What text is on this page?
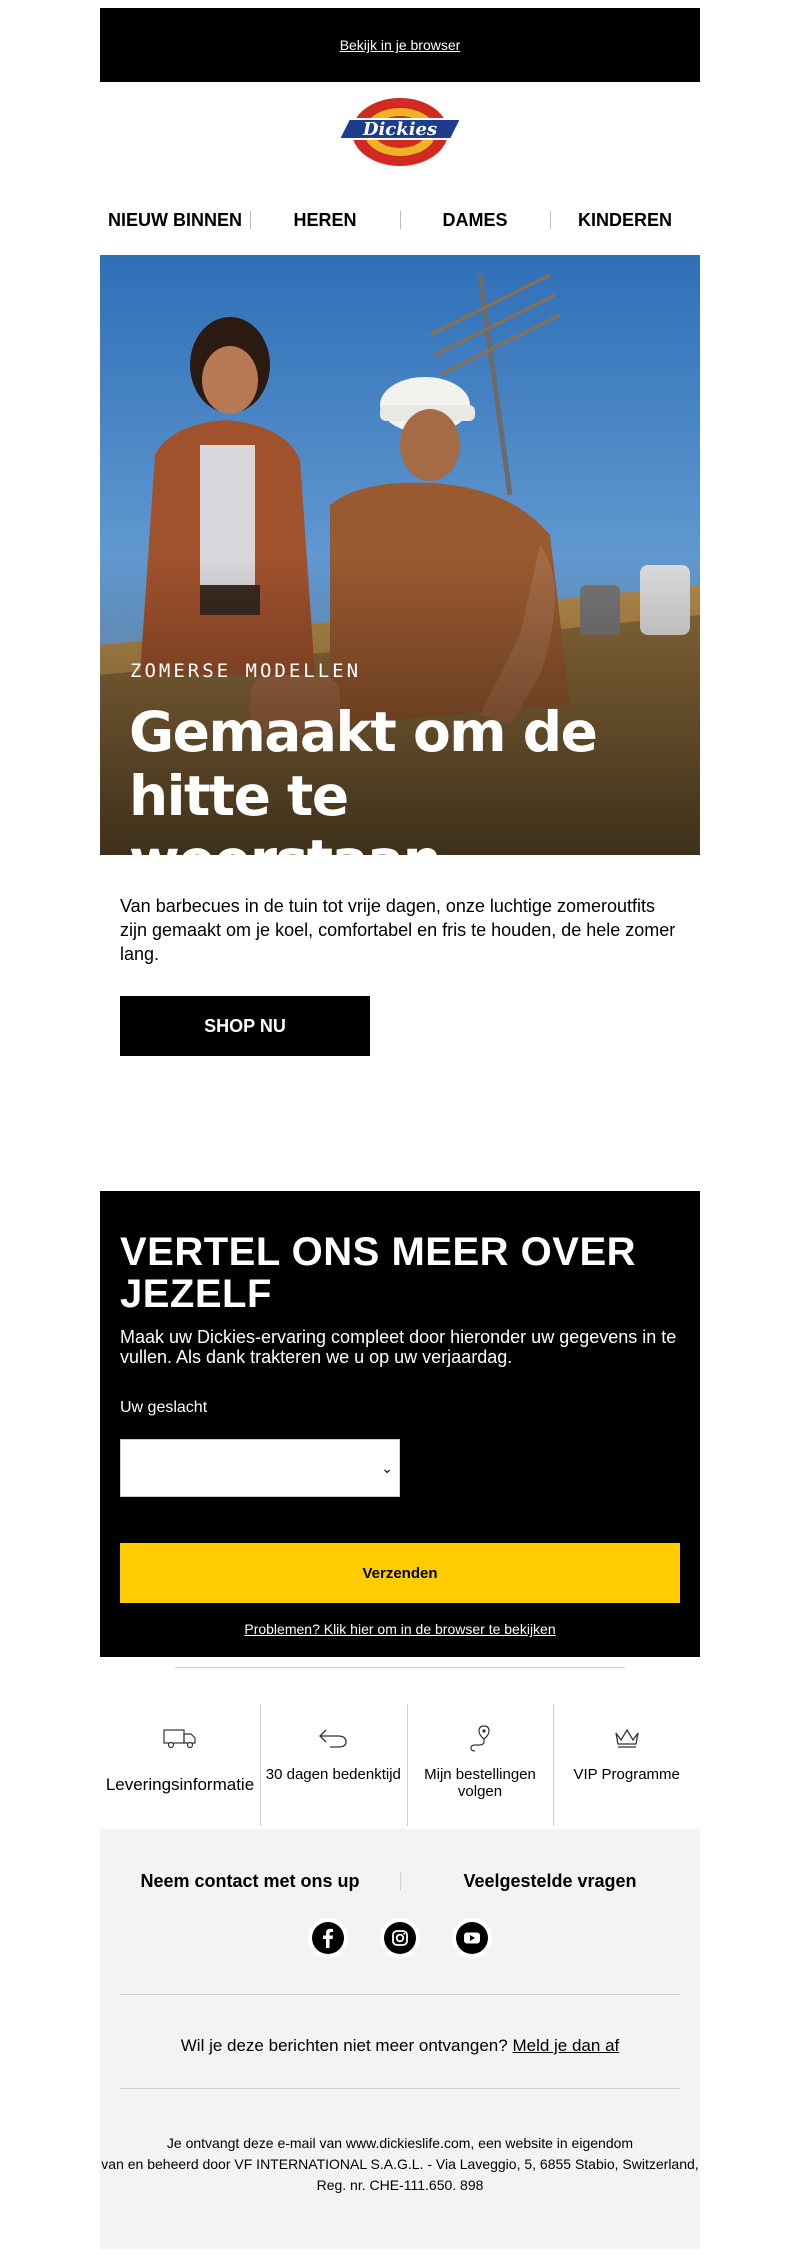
Bekijk in je browser
Dickies
NIEUW BINNEN	HEREN	DAMES	KINDEREN
ZOMERSE MODELLEN
Gemaakt om de
hitte te weerstaan
Van barbecues in de tuin tot vrije dagen, onze luchtige zomeroutfits zijn gemaakt om je koel, comfortabel en fris te houden, de hele zomer lang.
SHOP NU
VERTEL ONS MEER OVER JEZELF
Maak uw Dickies-ervaring compleet door hieronder uw gegevens in te vullen. Als dank trakteren we u op uw verjaardag.
Uw geslacht
⌄
Verzenden
Problemen? Klik hier om in de browser te bekijken
Leveringsinformatie
30 dagen bedenktijd	Mijn bestellingen volgen
VIP Programme
Neem contact met ons up	Veelgestelde vragen
Wil je deze berichten niet meer ontvangen? Meld je dan af
Je ontvangt deze e-mail van www.dickieslife.com, een website in eigendom
van en beheerd door VF INTERNATIONAL S.A.G.L. - Via Laveggio, 5, 6855 Stabio, Switzerland,
Reg. nr. CHE-111.650. 898
